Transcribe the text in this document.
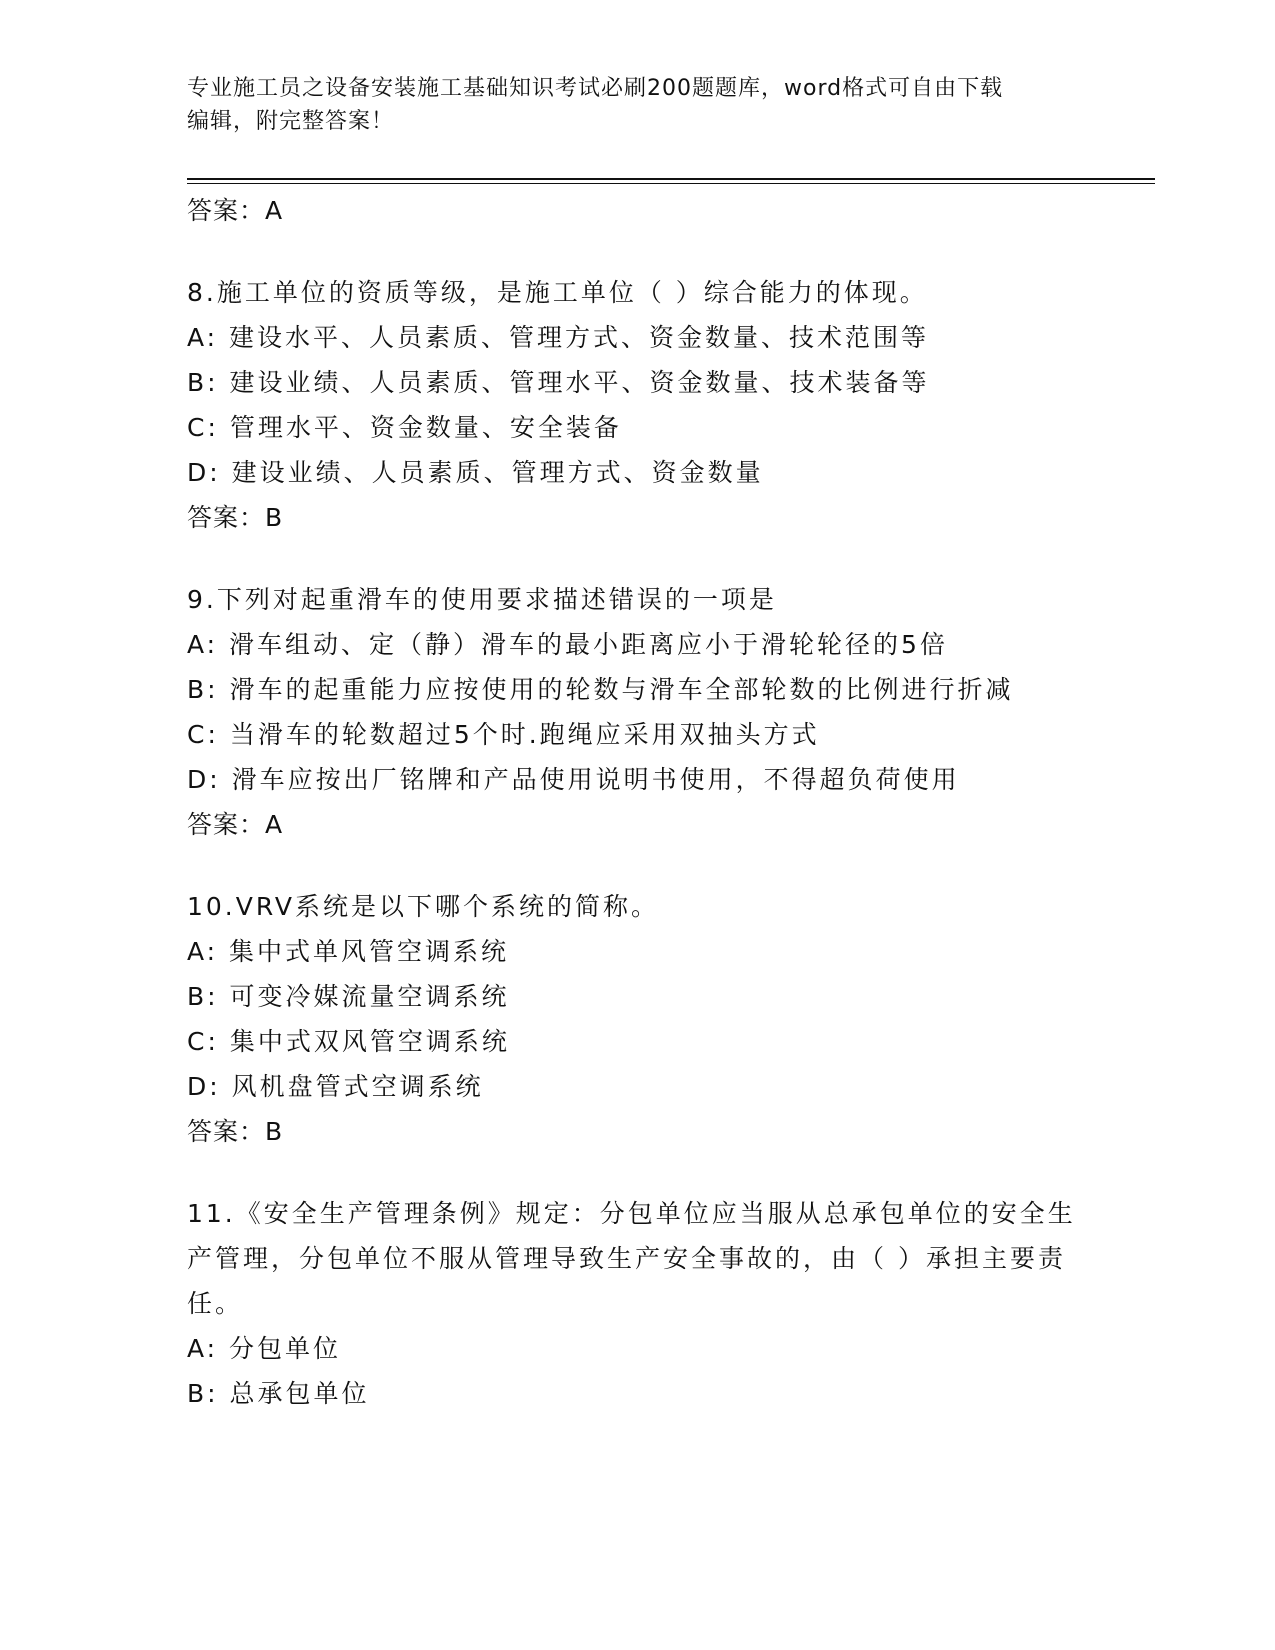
专业施工员之设备安装施工基础知识考试必刷200题题库，word格式可自由下载
编辑，附完整答案！
答案：A
8.施工单位的资质等级，是施工单位（ ）综合能力的体现。
A: 建设水平、人员素质、管理方式、资金数量、技术范围等
B: 建设业绩、人员素质、管理水平、资金数量、技术装备等
C: 管理水平、资金数量、安全装备
D: 建设业绩、人员素质、管理方式、资金数量
答案：B
9.下列对起重滑车的使用要求描述错误的一项是
A: 滑车组动、定（静）滑车的最小距离应小于滑轮轮径的5倍
B: 滑车的起重能力应按使用的轮数与滑车全部轮数的比例进行折减
C: 当滑车的轮数超过5个时.跑绳应采用双抽头方式
D: 滑车应按出厂铭牌和产品使用说明书使用，不得超负荷使用
答案：A
10.VRV系统是以下哪个系统的简称。
A: 集中式单风管空调系统
B: 可变冷媒流量空调系统
C: 集中式双风管空调系统
D: 风机盘管式空调系统
答案：B
11.《安全生产管理条例》规定：分包单位应当服从总承包单位的安全生产管理，分包单位不服从管理导致生产安全事故的，由（ ）承担主要责任。
A: 分包单位
B: 总承包单位
